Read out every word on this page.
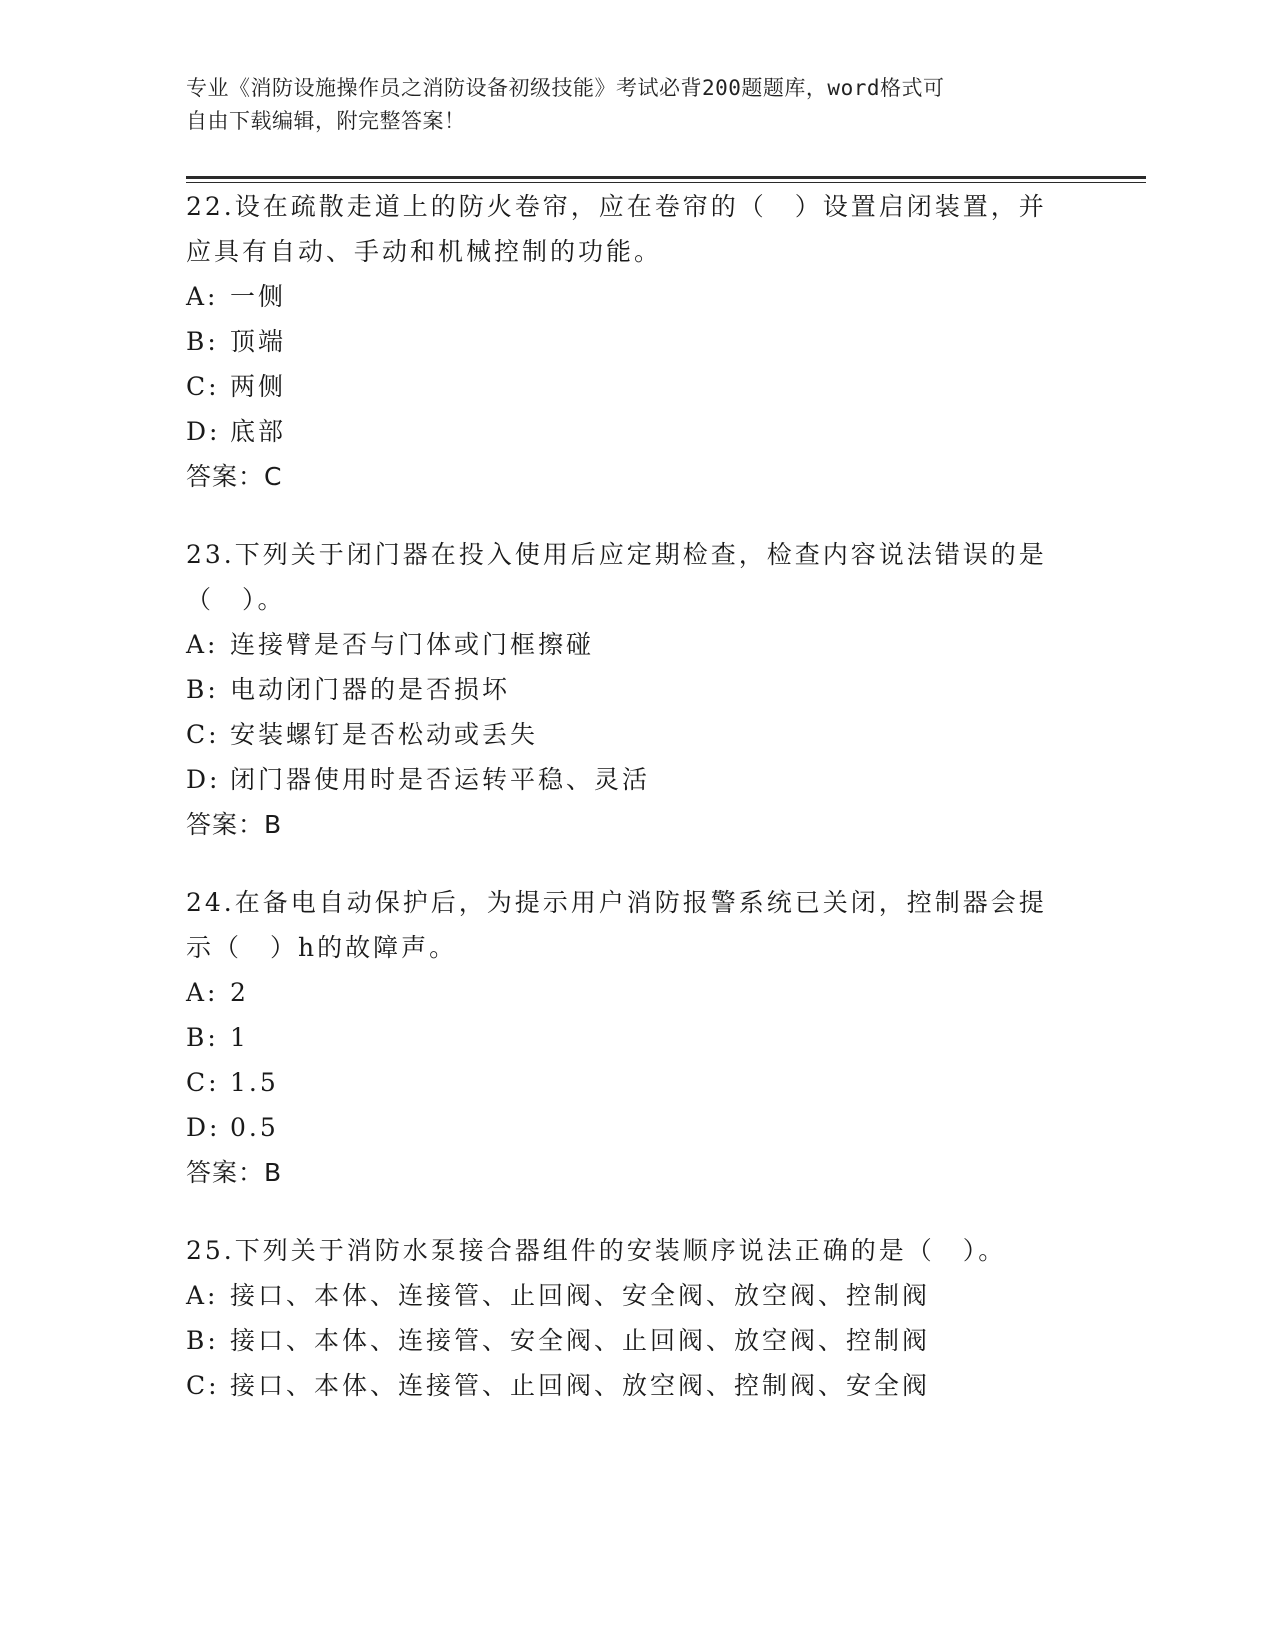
专业《消防设施操作员之消防设备初级技能》考试必背200题题库，word格式可
自由下载编辑，附完整答案！
22.设在疏散走道上的防火卷帘，应在卷帘的（　）设置启闭装置，并
应具有自动、手动和机械控制的功能。
A: 一侧
B: 顶端
C: 两侧
D: 底部
答案：C
23.下列关于闭门器在投入使用后应定期检查，检查内容说法错误的是
（　）。
A: 连接臂是否与门体或门框擦碰
B: 电动闭门器的是否损坏
C: 安装螺钉是否松动或丢失
D: 闭门器使用时是否运转平稳、灵活
答案：B
24.在备电自动保护后，为提示用户消防报警系统已关闭，控制器会提
示（　）h的故障声。
A: 2
B: 1
C: 1.5
D: 0.5
答案：B
25.下列关于消防水泵接合器组件的安装顺序说法正确的是（　）。
A: 接口、本体、连接管、止回阀、安全阀、放空阀、控制阀
B: 接口、本体、连接管、安全阀、止回阀、放空阀、控制阀
C: 接口、本体、连接管、止回阀、放空阀、控制阀、安全阀
